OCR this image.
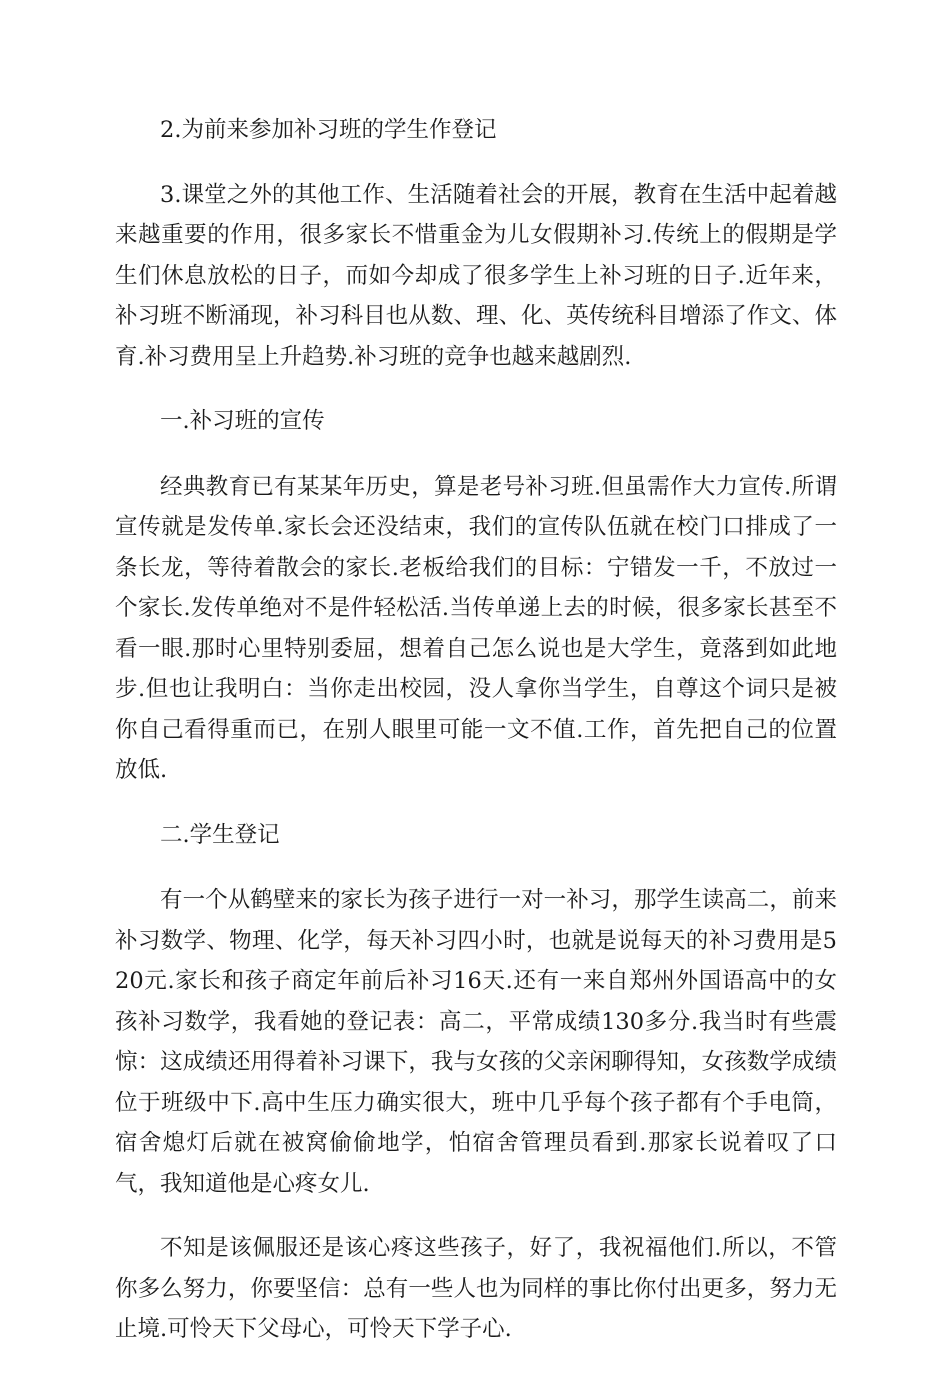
2.为前来参加补习班的学生作登记

3.课堂之外的其他工作、生活随着社会的开展，教育在生活中起着越来越重要的作用，很多家长不惜重金为儿女假期补习.传统上的假期是学生们休息放松的日子，而如今却成了很多学生上补习班的日子.近年来，补习班不断涌现，补习科目也从数、理、化、英传统科目增添了作文、体育.补习费用呈上升趋势.补习班的竞争也越来越剧烈.

一.补习班的宣传

经典教育已有某某年历史，算是老号补习班.但虽需作大力宣传.所谓宣传就是发传单.家长会还没结束，我们的宣传队伍就在校门口排成了一条长龙，等待着散会的家长.老板给我们的目标：宁错发一千，不放过一个家长.发传单绝对不是件轻松活.当传单递上去的时候，很多家长甚至不看一眼.那时心里特别委屈，想着自己怎么说也是大学生，竟落到如此地步.但也让我明白：当你走出校园，没人拿你当学生，自尊这个词只是被你自己看得重而已，在别人眼里可能一文不值.工作，首先把自己的位置放低.

二.学生登记

有一个从鹤壁来的家长为孩子进行一对一补习，那学生读高二，前来补习数学、物理、化学，每天补习四小时，也就是说每天的补习费用是520元.家长和孩子商定年前后补习16天.还有一来自郑州外国语高中的女孩补习数学，我看她的登记表：高二，平常成绩130多分.我当时有些震惊：这成绩还用得着补习课下，我与女孩的父亲闲聊得知，女孩数学成绩位于班级中下.高中生压力确实很大，班中几乎每个孩子都有个手电筒，宿舍熄灯后就在被窝偷偷地学，怕宿舍管理员看到.那家长说着叹了口气，我知道他是心疼女儿.

不知是该佩服还是该心疼这些孩子，好了，我祝福他们.所以，不管你多么努力，你要坚信：总有一些人也为同样的事比你付出更多，努力无止境.可怜天下父母心，可怜天下学子心.
